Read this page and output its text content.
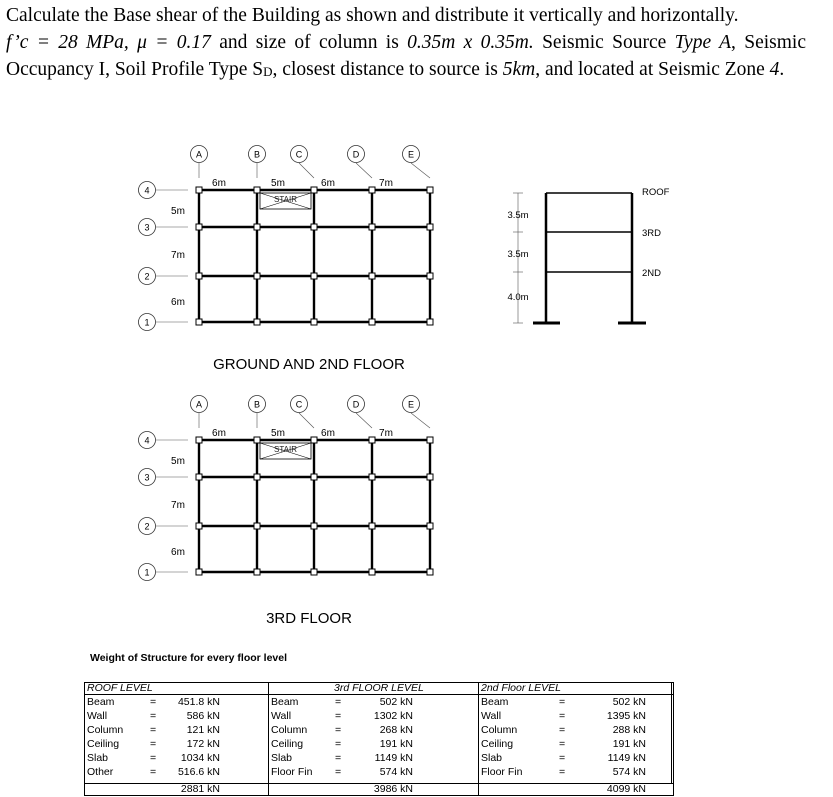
Calculate the Base shear of the Building as shown and distribute it vertically and horizontally.

f’c = 28 MPa, μ = 0.17 and size of column is 0.35m x 0.35m. Seismic Source Type A, Seismic Occupancy I, Soil Profile Type $S_D$, closest distance to source is 5km, and located at Seismic Zone 4.

A	B	C	D	E
4
3
2
1
6m	5m	6m	7m
5m
7m
6m
STAIR
GROUND AND 2ND FLOOR
A	B	C	D	E
4
3
2
1
6m	5m	6m	7m
5m
7m
6m
STAIR
3RD FLOOR
3.5m
3.5m
4.0m
ROOF
3RD
2ND
Weight of Structure for every floor level
ROOF LEVEL	3rd FLOOR LEVEL	2nd Floor LEVEL
Beam	=	451.8 kN
Wall	=	586 kN
Column	=	121 kN
Ceiling	=	172 kN
Slab	=	1034 kN
Other	=	516.6 kN
Beam	=	502 kN
Wall	=	1302 kN
Column	=	268 kN
Ceiling	=	191 kN
Slab	=	1149 kN
Floor Fin =	574 kN
Beam	=	502 kN
Wall	=	1395 kN
Column	=	288 kN
Ceiling	=	191 kN
Slab	=	1149 kN
Floor Fin	=	574 kN
2881 kN	3986 kN	4099 kN
